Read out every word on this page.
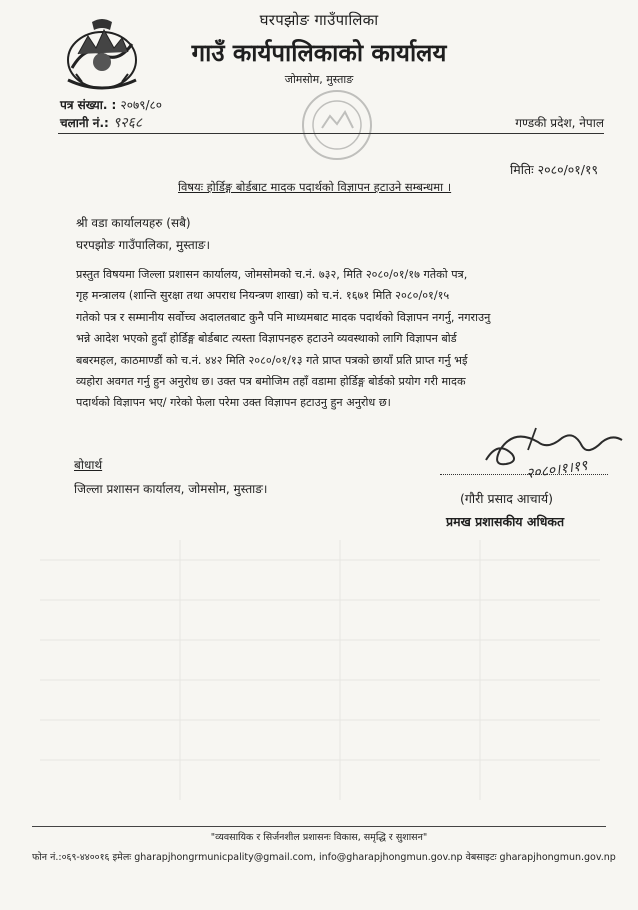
घरपझोङ गाउँपालिका
गाउँ कार्यपालिकाको कार्यालय
जोमसोम, मुस्ताङ
पत्र संख्या. : २०७९/८०
चलानी नं.: ९२६८	गण्डकी प्रदेश, नेपाल
मितिः २०८०/०१/१९
विषयः होर्डिङ्ग बोर्डबाट मादक पदार्थको विज्ञापन हटाउने सम्बन्धमा ।
श्री वडा कार्यालयहरु (सबै)
घरपझोङ गाउँपालिका, मुस्ताङ।
प्रस्तुत विषयमा जिल्ला प्रशासन कार्यालय, जोमसोमको च.नं. ७३२, मिति २०८०/०१/१७ गतेको पत्र,
गृह मन्त्रालय (शान्ति सुरक्षा तथा अपराध नियन्त्रण शाखा) को च.नं. १६७१ मिति २०८०/०१/१५
गतेको पत्र र सम्मानीय सर्वोच्च अदालतबाट कुनै पनि माध्यमबाट मादक पदार्थको विज्ञापन नगर्नु, नगराउनु
भन्ने आदेश भएको हुदाँ होर्डिङ्ग बोर्डबाट त्यस्ता विज्ञापनहरु हटाउने व्यवस्थाको लागि विज्ञापन बोर्ड
बबरमहल, काठमाण्डौं को च.नं. ४४२ मिति २०८०/०१/१३ गते प्राप्त पत्रको छायाँ प्रति प्राप्त गर्नु भई
व्यहोरा अवगत गर्नु हुन अनुरोध छ। उक्त पत्र बमोजिम तहाँ वडामा होर्डिङ्ग बोर्डको प्रयोग गरी मादक
पदार्थको विज्ञापन भए/ गरेको फेला परेमा उक्त विज्ञापन हटाउनु हुन अनुरोध छ।
२०८०।१।१९
बोधार्थ
जिल्ला प्रशासन कार्यालय, जोमसोम, मुस्ताङ।
(गौरी प्रसाद आचार्य)
प्रमख प्रशासकीय अधिकत
"व्यवसायिक र सिर्जनशील प्रशासनः विकास, समृद्धि र सुशासन"
फोन नं.:०६९-४४००१६ इमेलः gharapjhongrmunicpality@gmail.com, info@gharapjhongmun.gov.np वेबसाइटः gharapjhongmun.gov.np
